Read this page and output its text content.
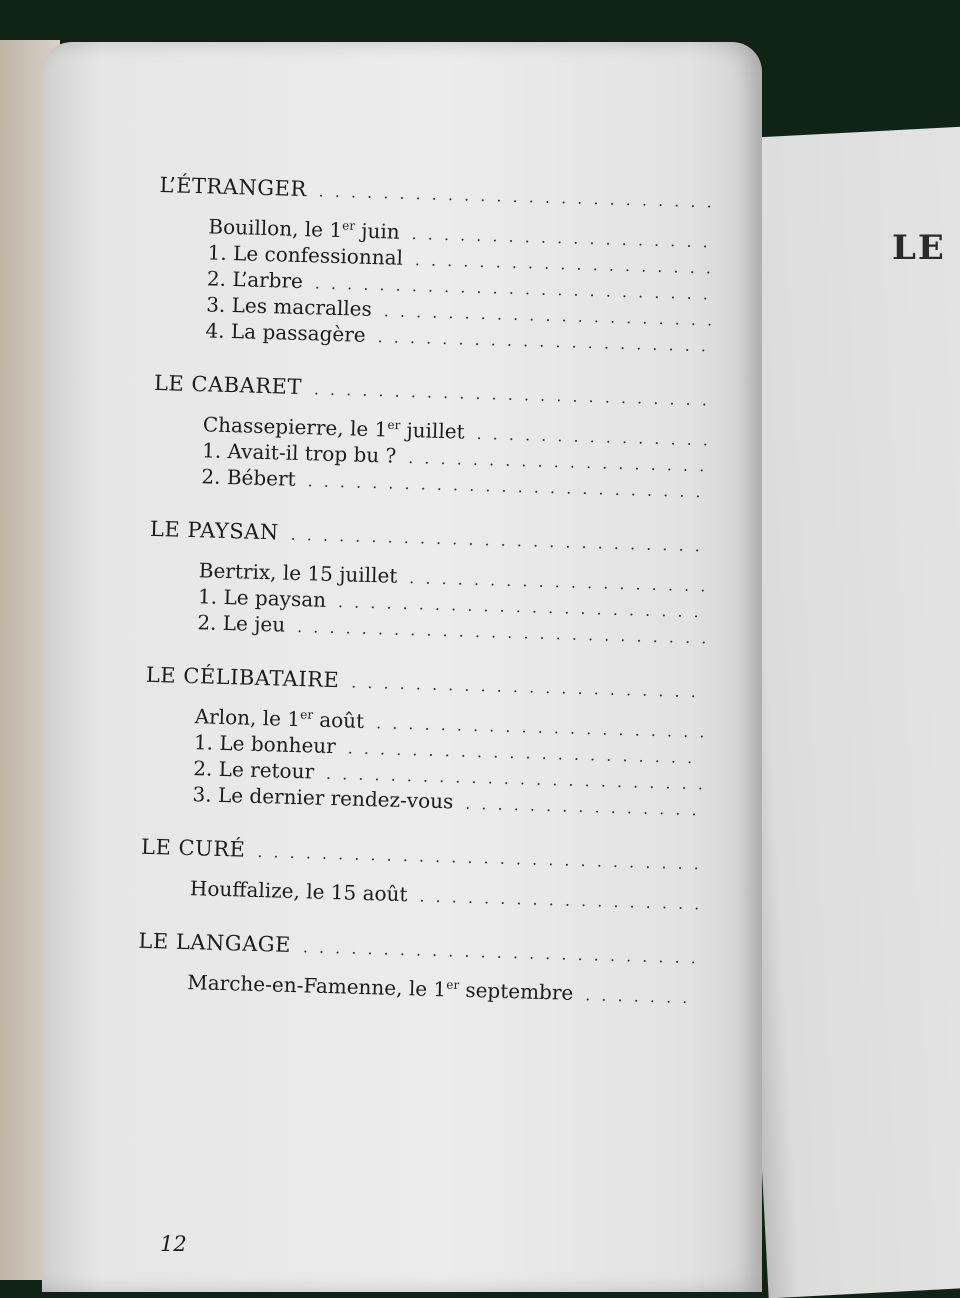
LE
L’ÉTRANGER
. . .
Bouillon, le 1er juin
. . .
1. Le confessionnal
. . .
2. L’arbre
. . .
3. Les macralles
. . .
4. La passagère
. . .
LE CABARET
. . .
Chassepierre, le 1er juillet
. . .
1. Avait-il trop bu ?
. . .
2. Bébert
. . .
LE PAYSAN
. . .
Bertrix, le 15 juillet
. . .
1. Le paysan
. . .
2. Le jeu
. . .
LE CÉLIBATAIRE
. . .
Arlon, le 1er août
. . .
1. Le bonheur
. . .
2. Le retour
. . .
3. Le dernier rendez-vous
. . .
LE CURÉ
. . .
Houffalize, le 15 août
. . .
LE LANGAGE
. . .
Marche-en-Famenne, le 1er septembre
. . .
12
